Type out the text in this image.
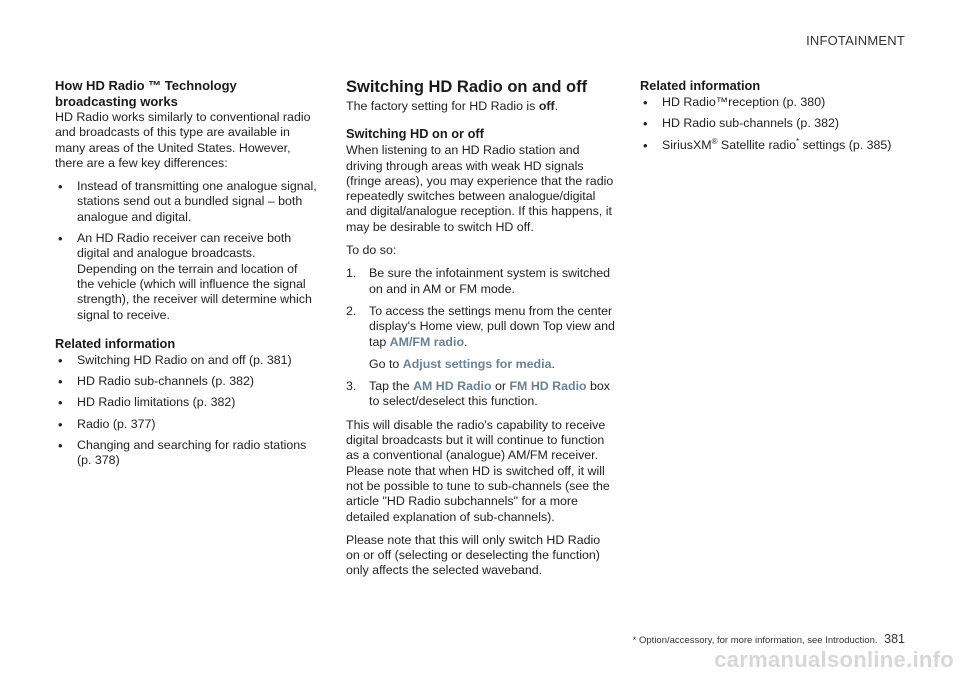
INFOTAINMENT
How HD Radio ™ Technology
broadcasting works

HD Radio works similarly to conventional radio and broadcasts of this type are available in many areas of the United States. However, there are a few key differences:

• Instead of transmitting one analogue signal, stations send out a bundled signal – both analogue and digital.
• An HD Radio receiver can receive both digital and analogue broadcasts. Depending on the terrain and location of the vehicle (which will influence the signal strength), the receiver will determine which signal to receive.
Related information
• Switching HD Radio on and off (p. 381)
• HD Radio sub-channels (p. 382)
• HD Radio limitations (p. 382)
• Radio (p. 377)
• Changing and searching for radio stations (p. 378)
Switching HD Radio on and off

The factory setting for HD Radio is off.

Switching HD on or off

When listening to an HD Radio station and driving through areas with weak HD signals (fringe areas), you may experience that the radio repeatedly switches between analogue/digital and digital/analogue reception. If this happens, it may be desirable to switch HD off.

To do so:

1. Be sure the infotainment system is switched on and in AM or FM mode.
2. To access the settings menu from the center display's Home view, pull down Top view and tap AM/FM radio.
Go to Adjust settings for media.
3. Tap the AM HD Radio or FM HD Radio box to select/deselect this function.

This will disable the radio's capability to receive digital broadcasts but it will continue to function as a conventional (analogue) AM/FM receiver. Please note that when HD is switched off, it will not be possible to tune to sub-channels (see the article "HD Radio subchannels" for a more detailed explanation of sub-channels).

Please note that this will only switch HD Radio on or off (selecting or deselecting the function) only affects the selected waveband.

Related information
• HD Radio™reception (p. 380)
• HD Radio sub-channels (p. 382)
• SiriusXM® Satellite radio* settings (p. 385)
* Option/accessory, for more information, see Introduction. 381
carmanualsonline.info
